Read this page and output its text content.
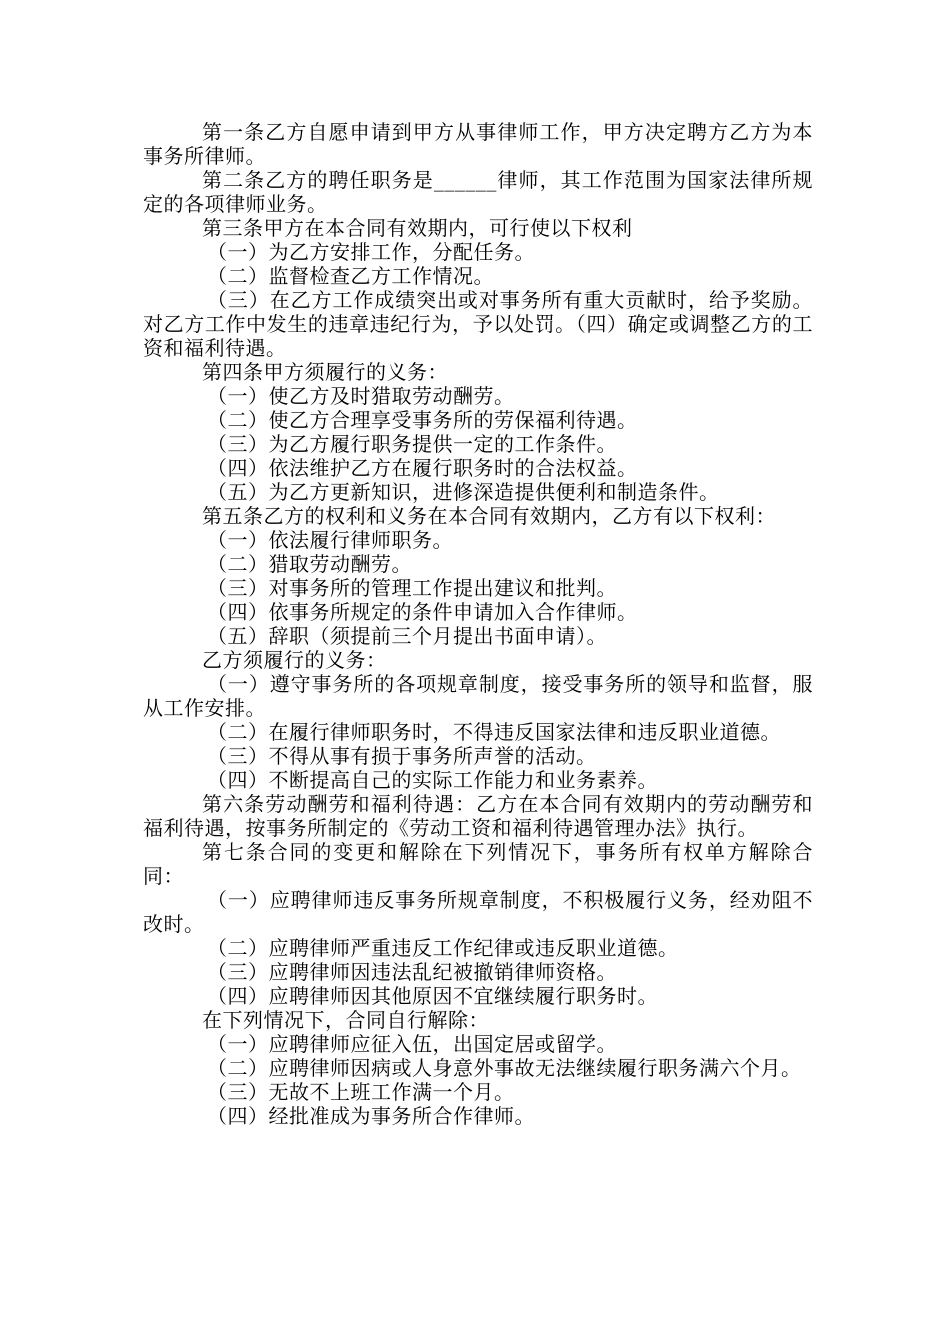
第一条乙方自愿申请到甲方从事律师工作，甲方决定聘方乙方为本事务所律师。

第二条乙方的聘任职务是______律师，其工作范围为国家法律所规定的各项律师业务。

第三条甲方在本合同有效期内，可行使以下权利

（一）为乙方安排工作，分配任务。

（二）监督检查乙方工作情况。

（三）在乙方工作成绩突出或对事务所有重大贡献时，给予奖励。对乙方工作中发生的违章违纪行为，予以处罚。（四）确定或调整乙方的工资和福利待遇。

第四条甲方须履行的义务：

（一）使乙方及时猎取劳动酬劳。

（二）使乙方合理享受事务所的劳保福利待遇。

（三）为乙方履行职务提供一定的工作条件。

（四）依法维护乙方在履行职务时的合法权益。

（五）为乙方更新知识，进修深造提供便利和制造条件。

第五条乙方的权利和义务在本合同有效期内，乙方有以下权利：

（一）依法履行律师职务。

（二）猎取劳动酬劳。

（三）对事务所的管理工作提出建议和批判。

（四）依事务所规定的条件申请加入合作律师。

（五）辞职（须提前三个月提出书面申请）。

乙方须履行的义务：

（一）遵守事务所的各项规章制度，接受事务所的领导和监督，服从工作安排。

（二）在履行律师职务时，不得违反国家法律和违反职业道德。

（三）不得从事有损于事务所声誉的活动。

（四）不断提高自己的实际工作能力和业务素养。

第六条劳动酬劳和福利待遇：乙方在本合同有效期内的劳动酬劳和福利待遇，按事务所制定的《劳动工资和福利待遇管理办法》执行。

第七条合同的变更和解除在下列情况下，事务所有权单方解除合同：

（一）应聘律师违反事务所规章制度，不积极履行义务，经劝阻不改时。

（二）应聘律师严重违反工作纪律或违反职业道德。

（三）应聘律师因违法乱纪被撤销律师资格。

（四）应聘律师因其他原因不宜继续履行职务时。

在下列情况下，合同自行解除：

（一）应聘律师应征入伍，出国定居或留学。

（二）应聘律师因病或人身意外事故无法继续履行职务满六个月。

（三）无故不上班工作满一个月。

（四）经批准成为事务所合作律师。
